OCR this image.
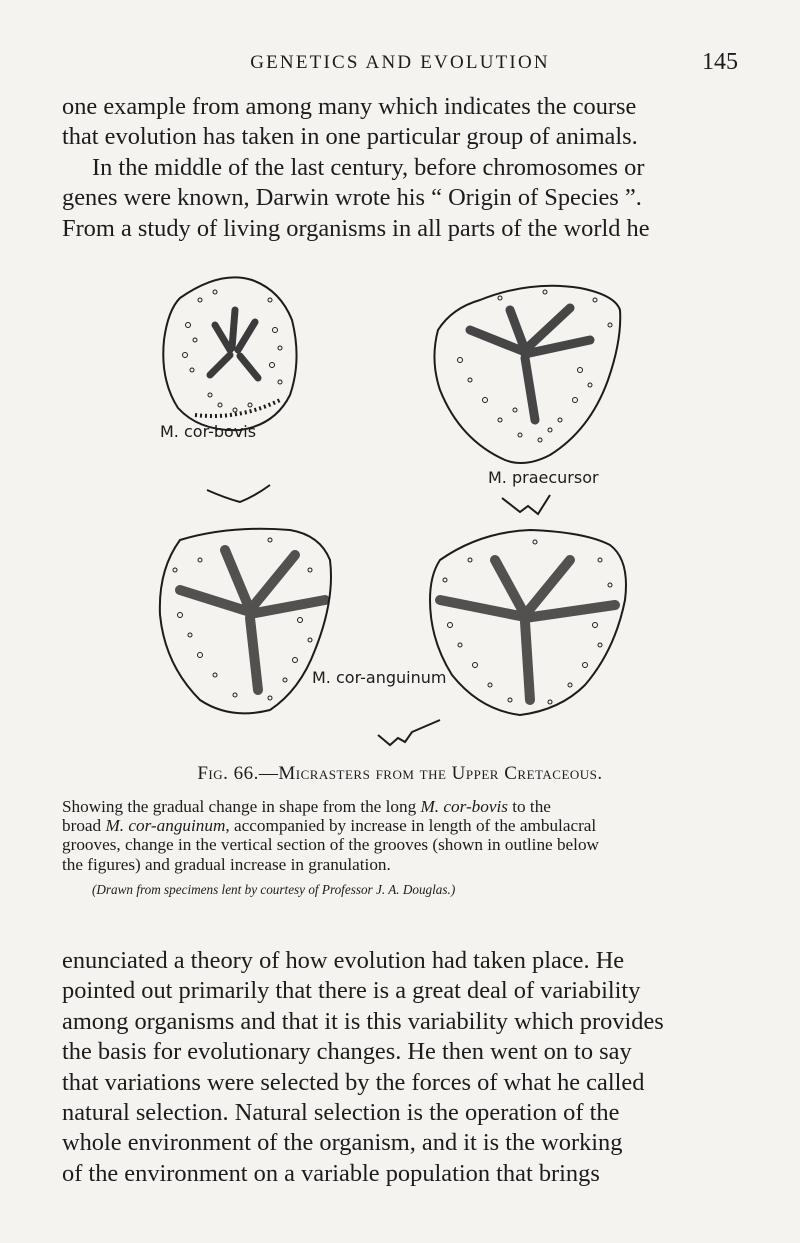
GENETICS AND EVOLUTION	145
one example from among many which indicates the course
that evolution has taken in one particular group of animals.
In the middle of the last century, before chromosomes or
genes were known, Darwin wrote his “ Origin of Species ”.
From a study of living organisms in all parts of the world he
M. cor-bovis
M. praecursor
M. cor-anguinum
Fig. 66.—Micrasters from the Upper Cretaceous.
Showing the gradual change in shape from the long M. cor-bovis to the
broad M. cor-anguinum, accompanied by increase in length of the ambulacral
grooves, change in the vertical section of the grooves (shown in outline below
the figures) and gradual increase in granulation.
(Drawn from specimens lent by courtesy of Professor J. A. Douglas.)
enunciated a theory of how evolution had taken place. He
pointed out primarily that there is a great deal of variability
among organisms and that it is this variability which provides
the basis for evolutionary changes. He then went on to say
that variations were selected by the forces of what he called
natural selection. Natural selection is the operation of the
whole environment of the organism, and it is the working
of the environment on a variable population that brings
